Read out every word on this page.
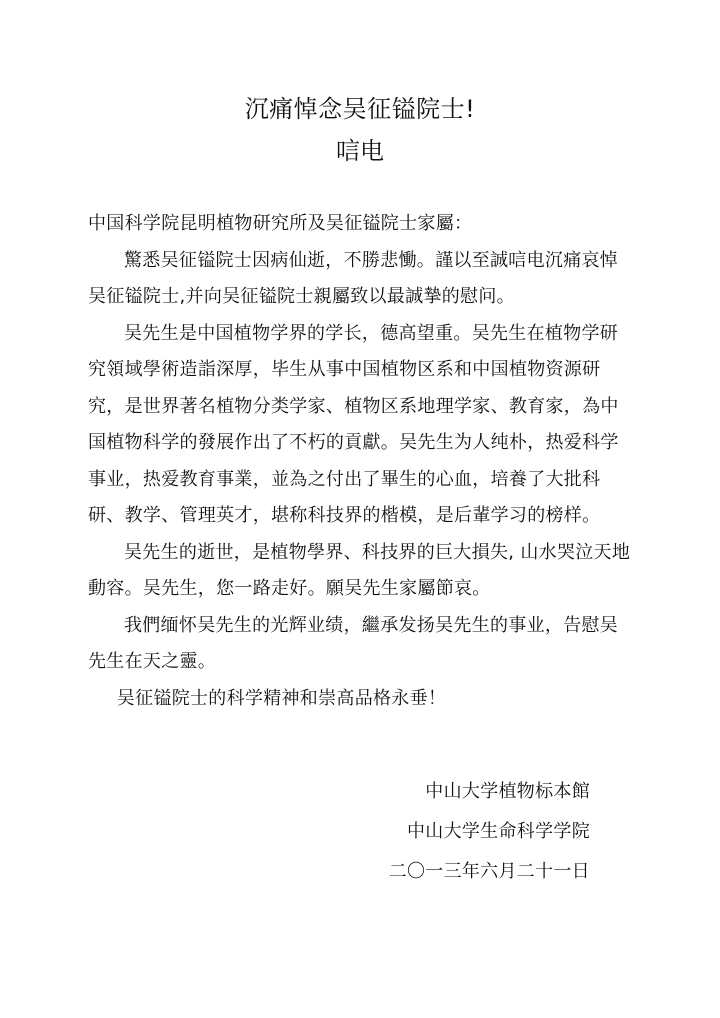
沉痛悼念吴征镒院士!
唁电

中国科学院昆明植物研究所及吴征镒院士家屬：

驚悉吴征镒院士因病仙逝，不勝悲慟。謹以至誠唁电沉痛哀悼吴征镒院士,并向吴征镒院士親屬致以最誠摯的慰问。

吴先生是中国植物学界的学长，德高望重。吴先生在植物学研究領域學術造詣深厚，毕生从事中国植物区系和中国植物资源研究，是世界著名植物分类学家、植物区系地理学家、教育家，為中国植物科学的發展作出了不朽的貢獻。吴先生为人纯朴，热爱科学事业，热爱教育事業，並為之付出了畢生的心血，培養了大批科研、教学、管理英才，堪称科技界的楷模，是后輩学习的榜样。

吴先生的逝世，是植物學界、科技界的巨大損失, 山水哭泣天地動容。吴先生，您一路走好。願吴先生家屬節哀。

我們缅怀吴先生的光辉业绩，繼承发扬吴先生的事业，告慰吴先生在天之靈。

吴征镒院士的科学精神和崇高品格永垂！

中山大学植物标本館
中山大学生命科学学院
二〇一三年六月二十一日
